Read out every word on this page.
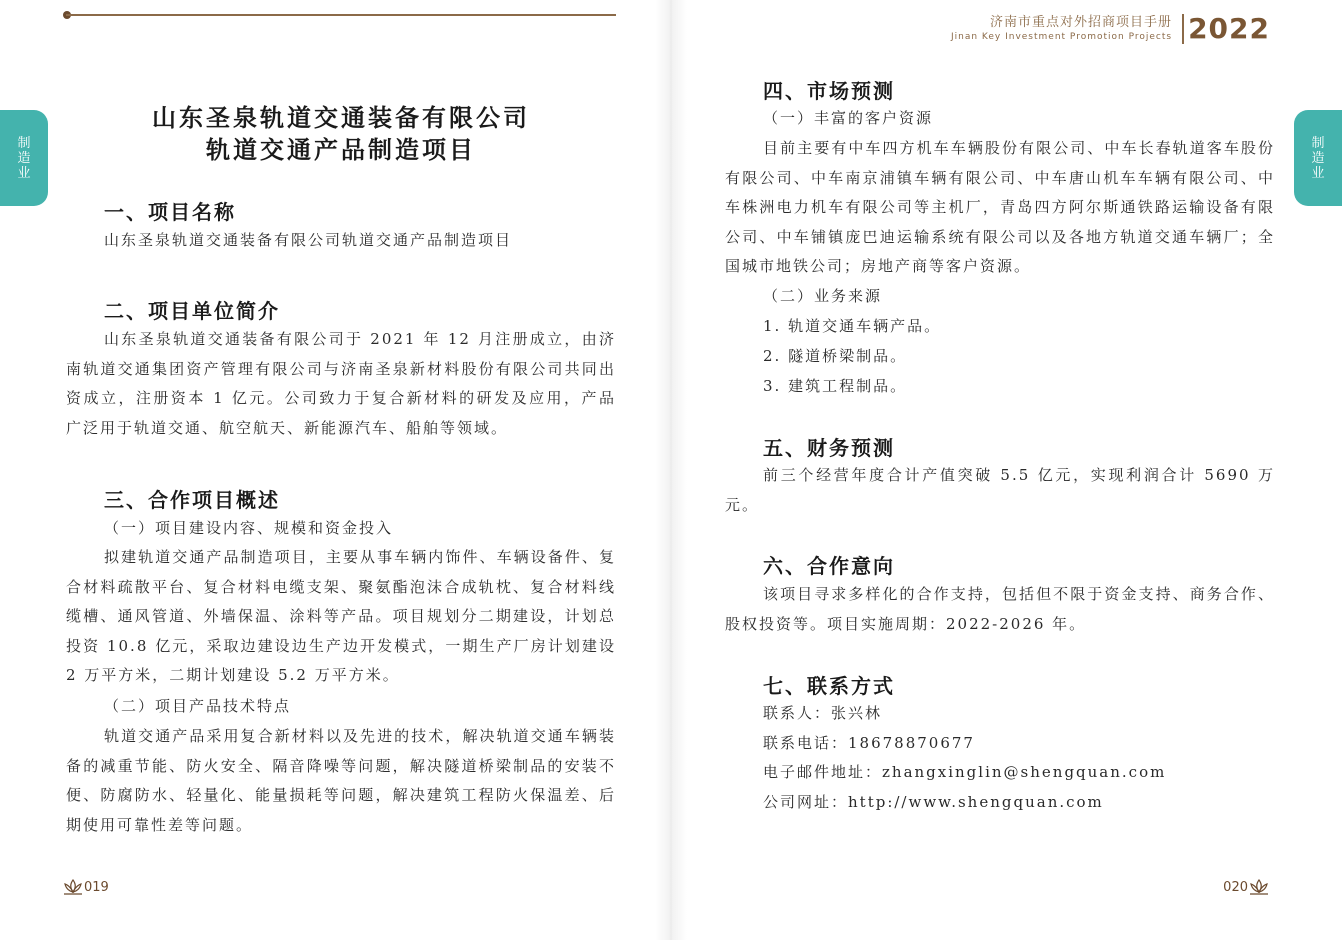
制
造
业
山东圣泉轨道交通装备有限公司
轨道交通产品制造项目
一、项目名称
山东圣泉轨道交通装备有限公司轨道交通产品制造项目
二、项目单位简介
山东圣泉轨道交通装备有限公司于 2021 年 12 月注册成立，由济南轨道交通集团资产管理有限公司与济南圣泉新材料股份有限公司共同出资成立，注册资本 1 亿元。公司致力于复合新材料的研发及应用，产品广泛用于轨道交通、航空航天、新能源汽车、船舶等领域。
三、合作项目概述
（一）项目建设内容、规模和资金投入
拟建轨道交通产品制造项目，主要从事车辆内饰件、车辆设备件、复合材料疏散平台、复合材料电缆支架、聚氨酯泡沫合成轨枕、复合材料线缆槽、通风管道、外墙保温、涂料等产品。项目规划分二期建设，计划总投资 10.8 亿元，采取边建设边生产边开发模式，一期生产厂房计划建设 2 万平方米，二期计划建设 5.2 万平方米。
（二）项目产品技术特点
轨道交通产品采用复合新材料以及先进的技术，解决轨道交通车辆装备的减重节能、防火安全、隔音降噪等问题，解决隧道桥梁制品的安装不便、防腐防水、轻量化、能量损耗等问题，解决建筑工程防火保温差、后期使用可靠性差等问题。
019
制
造
业
四、市场预测
（一）丰富的客户资源
目前主要有中车四方机车车辆股份有限公司、中车长春轨道客车股份有限公司、中车南京浦镇车辆有限公司、中车唐山机车车辆有限公司、中车株洲电力机车有限公司等主机厂，青岛四方阿尔斯通铁路运输设备有限公司、中车铺镇庞巴迪运输系统有限公司以及各地方轨道交通车辆厂；全国城市地铁公司；房地产商等客户资源。
（二）业务来源
1. 轨道交通车辆产品。
2. 隧道桥梁制品。
3. 建筑工程制品。
五、财务预测
前三个经营年度合计产值突破 5.5 亿元，实现利润合计 5690 万元。
六、合作意向
该项目寻求多样化的合作支持，包括但不限于资金支持、商务合作、股权投资等。项目实施周期：2022-2026 年。
七、联系方式
联系人：张兴林
联系电话：18678870677
电子邮件地址：zhangxinglin@shengquan.com
公司网址：http://www.shengquan.com
020
济南市重点对外招商项目手册
Jinan Key Investment Promotion Projects 2022
